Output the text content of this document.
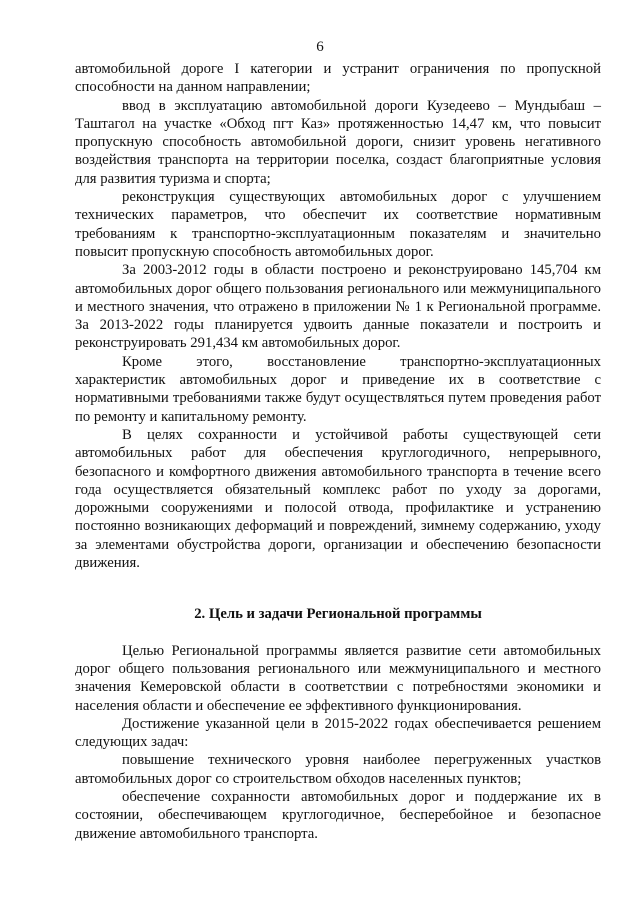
6

автомобильной дороге I категории и устранит ограничения по пропускной способности на данном направлении;

ввод в эксплуатацию автомобильной дороги Кузедеево – Мундыбаш – Таштагол на участке «Обход пгт Каз» протяженностью 14,47 км, что повысит пропускную способность автомобильной дороги, снизит уровень негативного воздействия транспорта на территории поселка, создаст благоприятные условия для развития туризма и спорта;

реконструкция существующих автомобильных дорог с улучшением технических параметров, что обеспечит их соответствие нормативным требованиям к транспортно-эксплуатационным показателям и значительно повысит пропускную способность автомобильных дорог.

За 2003-2012 годы в области построено и реконструировано 145,704 км автомобильных дорог общего пользования регионального или межмуниципального и местного значения, что отражено в приложении № 1 к Региональной программе. За 2013-2022 годы планируется удвоить данные показатели и построить и реконструировать 291,434 км автомобильных дорог.

Кроме этого, восстановление транспортно-эксплуатационных характеристик автомобильных дорог и приведение их в соответствие с нормативными требованиями также будут осуществляться путем проведения работ по ремонту и капитальному ремонту.

В целях сохранности и устойчивой работы существующей сети автомобильных работ для обеспечения круглогодичного, непрерывного, безопасного и комфортного движения автомобильного транспорта в течение всего года осуществляется обязательный комплекс работ по уходу за дорогами, дорожными сооружениями и полосой отвода, профилактике и устранению постоянно возникающих деформаций и повреждений, зимнему содержанию, уходу за элементами обустройства дороги, организации и обеспечению безопасности движения.

2. Цель и задачи Региональной программы

Целью Региональной программы является развитие сети автомобильных дорог общего пользования регионального или межмуниципального и местного значения Кемеровской области в соответствии с потребностями экономики и населения области и обеспечение ее эффективного функционирования.

Достижение указанной цели в 2015-2022 годах обеспечивается решением следующих задач:

повышение технического уровня наиболее перегруженных участков автомобильных дорог со строительством обходов населенных пунктов;

обеспечение сохранности автомобильных дорог и поддержание их в состоянии, обеспечивающем круглогодичное, бесперебойное и безопасное движение автомобильного транспорта.
